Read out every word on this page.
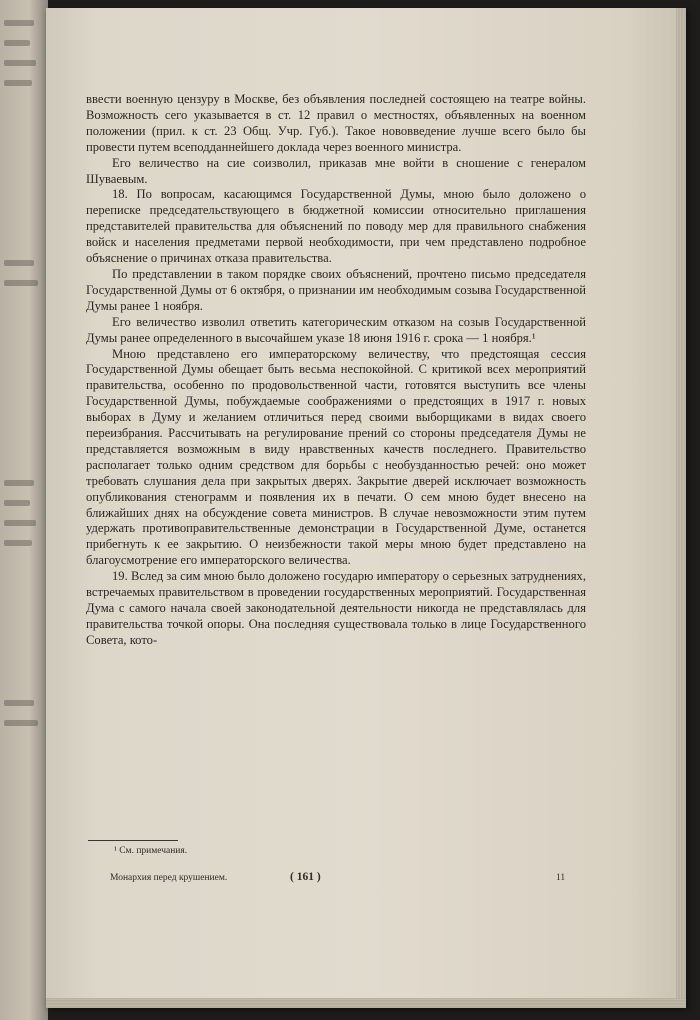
ввести военную цензуру в Москве, без объявления последней состоящею на театре войны. Возможность сего указывается в ст. 12 правил о местностях, объявленных на военном положении (прил. к ст. 23 Общ. Учр. Губ.). Такое нововведение лучше всего было бы провести путем всеподданнейшего доклада через военного министра.

Его величество на сие соизволил, приказав мне войти в сношение с генералом Шуваевым.

18. По вопросам, касающимся Государственной Думы, мною было доложено о переписке председательствующего в бюджетной комиссии относительно приглашения представителей правительства для объяснений по поводу мер для правильного снабжения войск и населения предметами первой необходимости, при чем представлено подробное объяснение о причинах отказа правительства.

По представлении в таком порядке своих объяснений, прочтено письмо председателя Государственной Думы от 6 октября, о признании им необходимым созыва Государственной Думы ранее 1 ноября.

Его величество изволил ответить категорическим отказом на созыв Государственной Думы ранее определенного в высочайшем указе 18 июня 1916 г. срока — 1 ноября.¹

Мною представлено его императорскому величеству, что предстоящая сессия Государственной Думы обещает быть весьма неспокойной. С критикой всех мероприятий правительства, особенно по продовольственной части, готовятся выступить все члены Государственной Думы, побуждаемые соображениями о предстоящих в 1917 г. новых выборах в Думу и желанием отличиться перед своими выборщиками в видах своего переизбрания. Рассчитывать на регулирование прений со стороны председателя Думы не представляется возможным в виду нравственных качеств последнего. Правительство располагает только одним средством для борьбы с необузданностью речей: оно может требовать слушания дела при закрытых дверях. Закрытие дверей исключает возможность опубликования стенограмм и появления их в печати. О сем мною будет внесено на ближайших днях на обсуждение совета министров. В случае невозможности этим путем удержать противоправительственные демонстрации в Государственной Думе, останется прибегнуть к ее закрытию. О неизбежности такой меры мною будет представлено на благоусмотрение его императорского величества.

19. Вслед за сим мною было доложено государю императору о серьезных затруднениях, встречаемых правительством в проведении государственных мероприятий. Государственная Дума с самого начала своей законодательной деятельности никогда не представлялась для правительства точкой опоры. Она последняя существовала только в лице Государственного Совета, кото-

¹ См. примечания.
Монархия перед крушением.	( 161 )	11
